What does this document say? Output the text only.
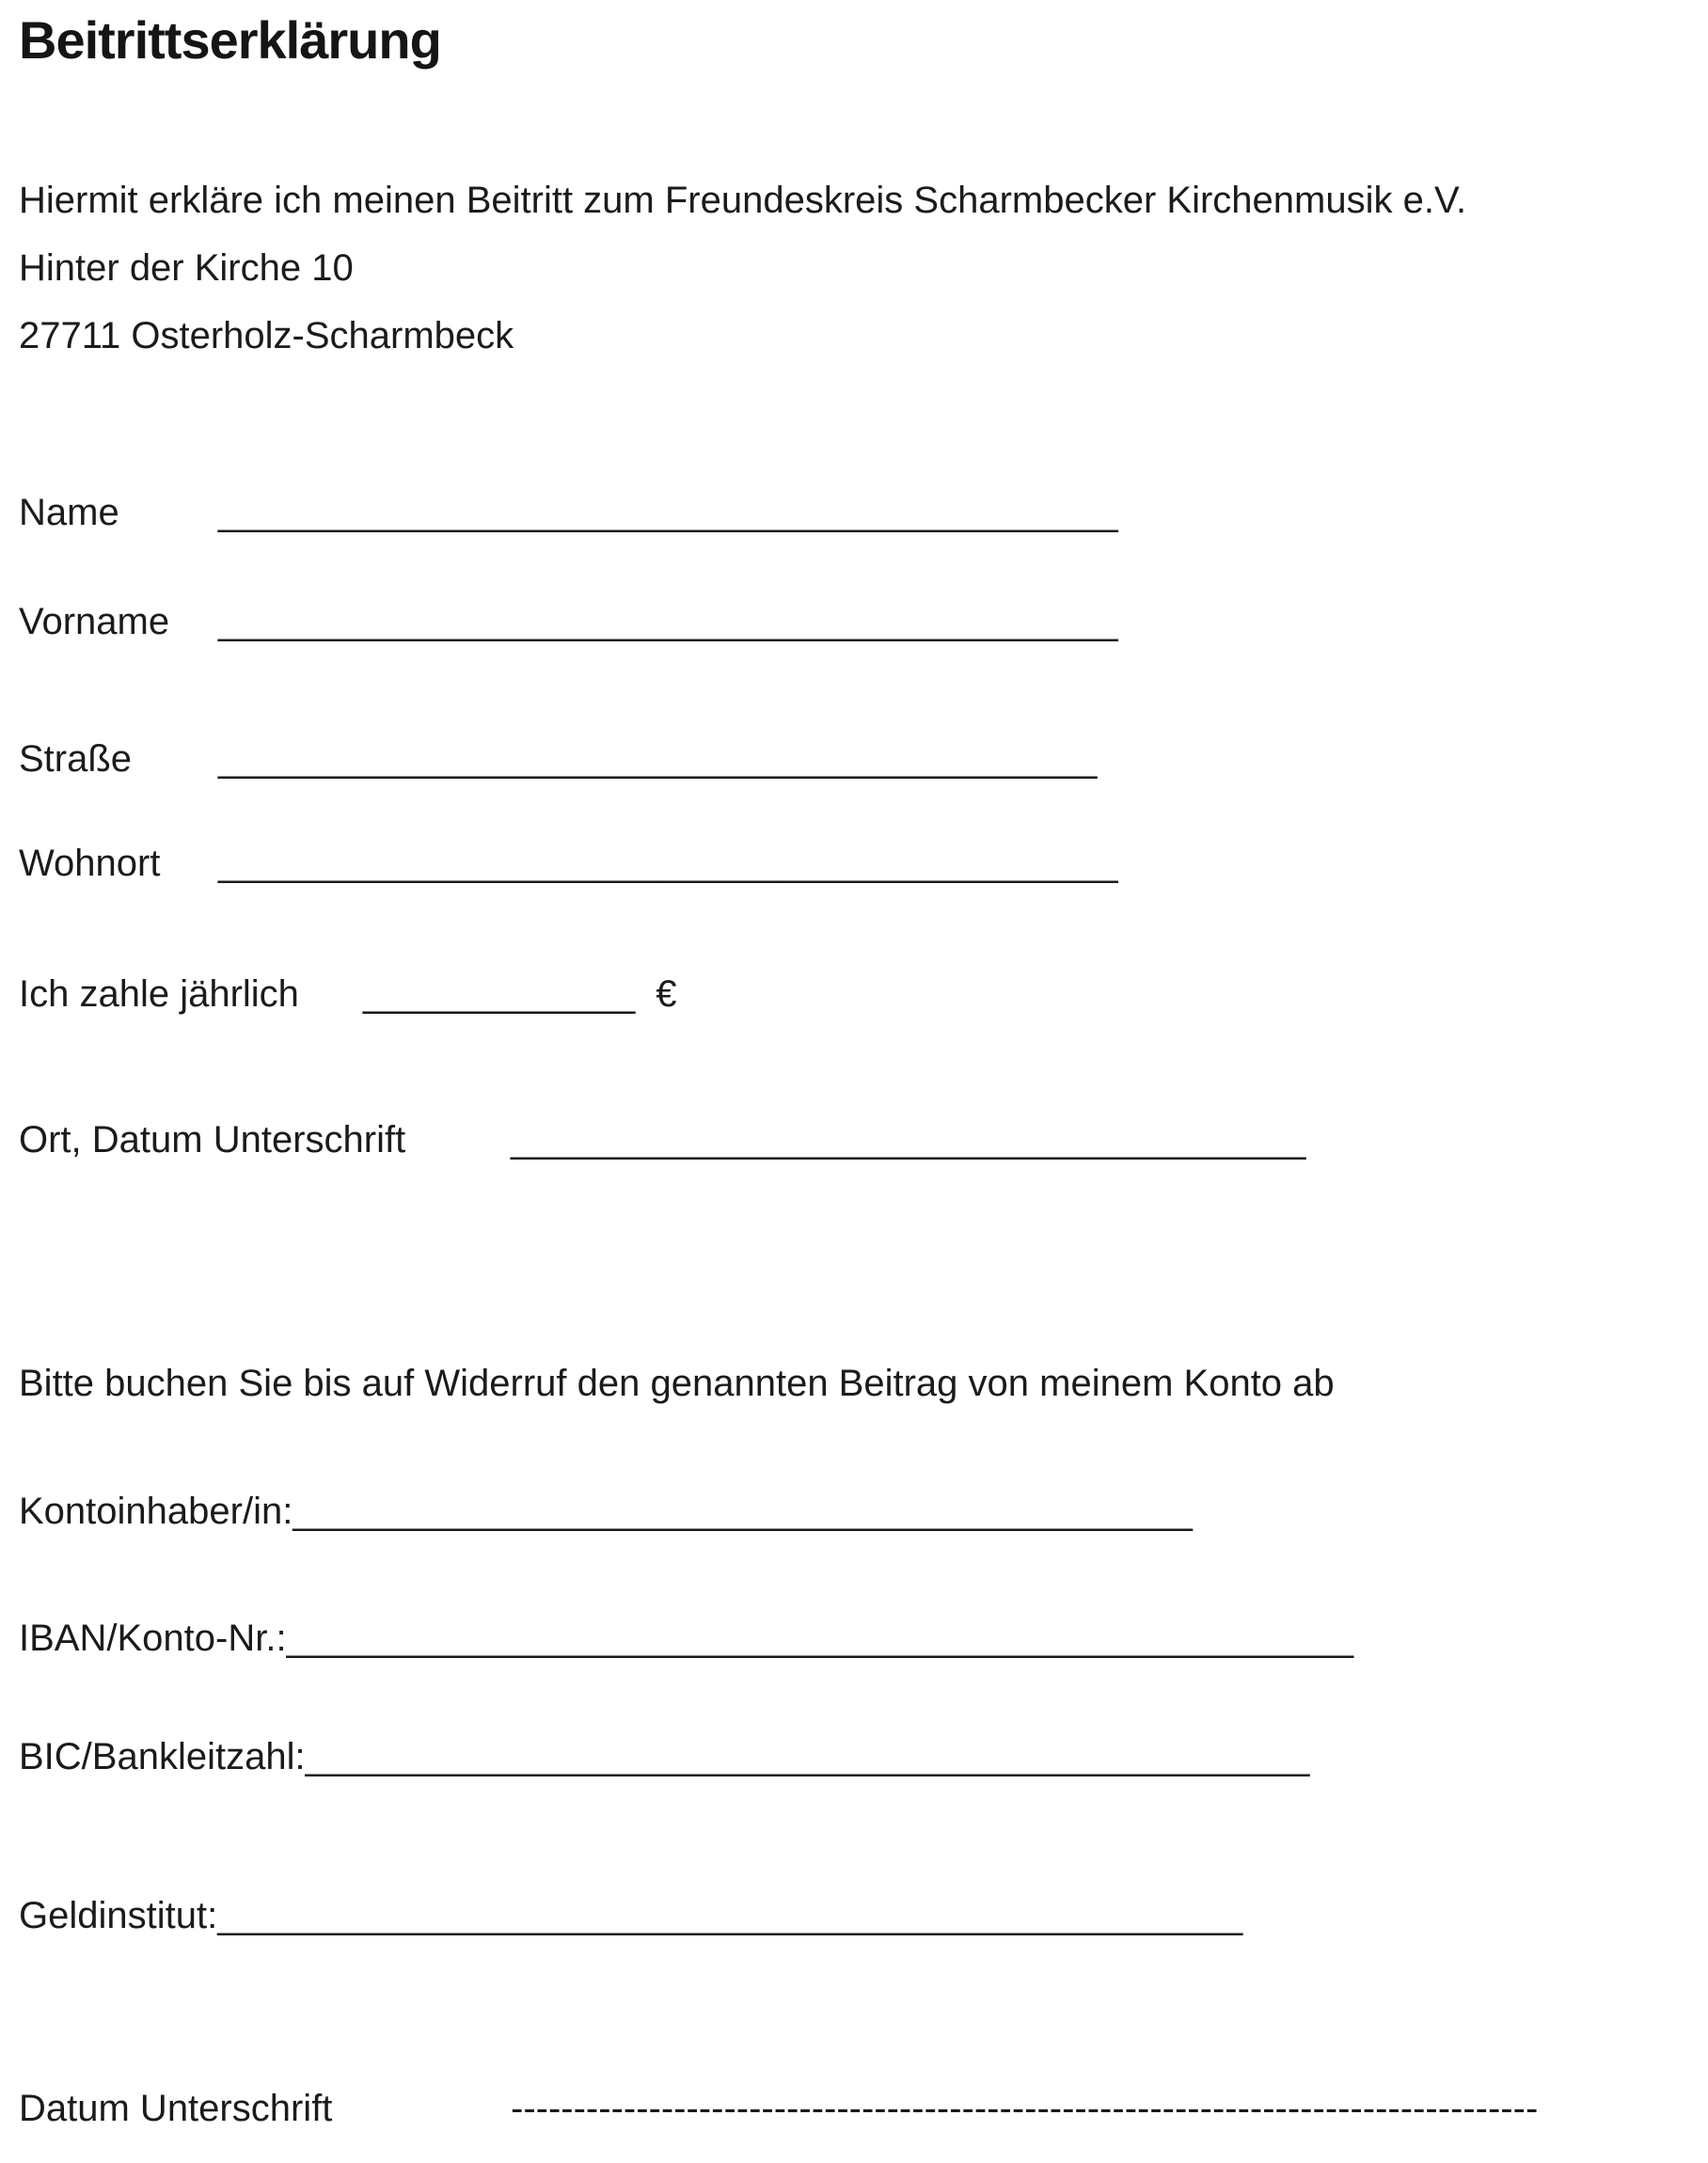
Beitrittserklärung
Hiermit erkläre ich meinen Beitritt zum Freundeskreis Scharmbecker Kirchenmusik e.V.
Hinter der Kirche 10
27711 Osterholz-Scharmbeck
Name	___________________________________________
Vorname ___________________________________________
Straße __________________________________________
Wohnort ___________________________________________
Ich zahle jährlich _____________ €
Ort, Datum Unterschrift	______________________________________
Bitte buchen Sie bis auf Widerruf den genannten Beitrag von meinem Konto ab
Kontoinhaber/in:___________________________________________
IBAN/Konto-Nr.:___________________________________________________
BIC/Bankleitzahl:________________________________________________
Geldinstitut:_________________________________________________
Datum Unterschrift	----------------------------------------------------------------------------------
